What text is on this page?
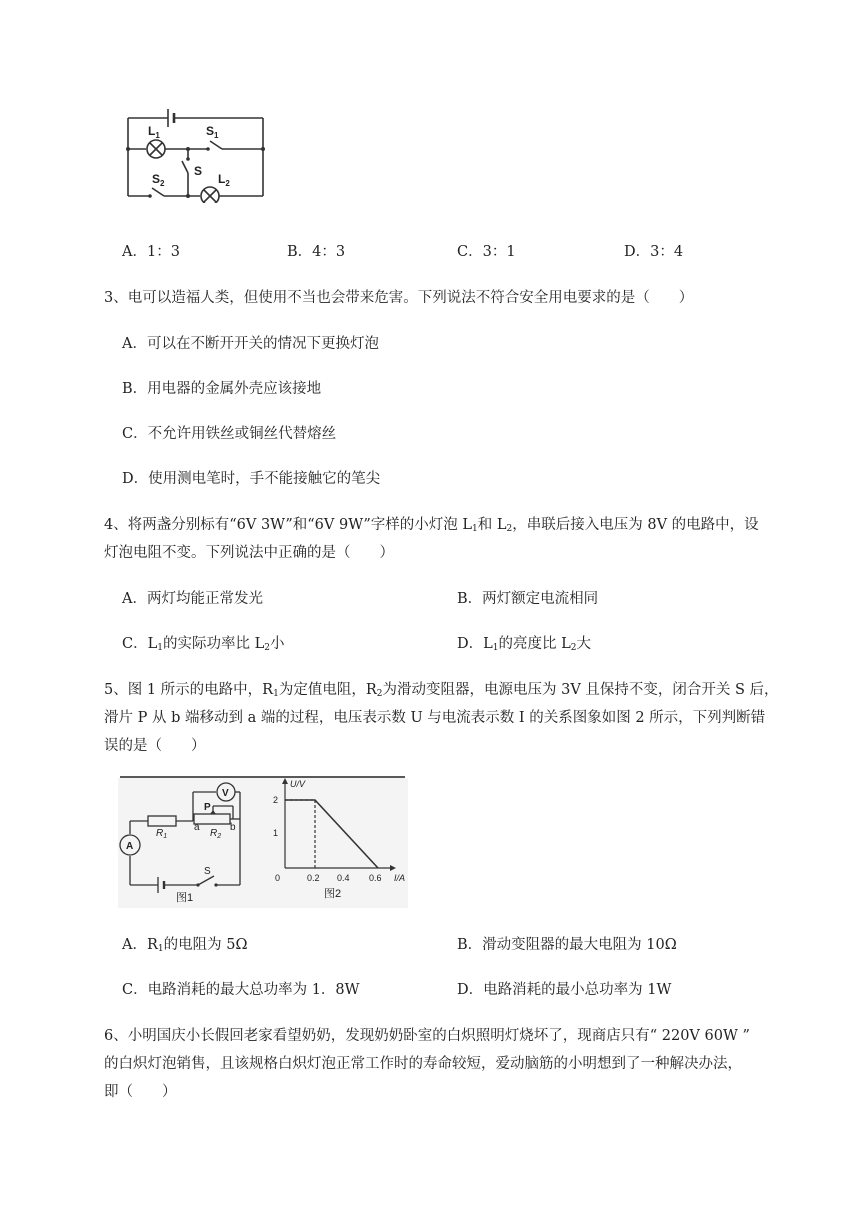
$L_1$	$S_1$
S
$S_2$	$L_2$
A．1：3	B．4：3	C．3：1	D．3：4
3、电可以造福人类，但使用不当也会带来危害。下列说法不符合安全用电要求的是（　　）
A．可以在不断开开关的情况下更换灯泡
B．用电器的金属外壳应该接地
C．不允许用铁丝或铜丝代替熔丝
D．使用测电笔时，手不能接触它的笔尖
4、将两盏分别标有“6V 3W”和“6V 9W”字样的小灯泡 $L_1$和 $L_2$，串联后接入电压为 8V 的电路中，设
灯泡电阻不变。下列说法中正确的是（　　）
A．两灯均能正常发光	B．两灯额定电流相同
C．$L_1$的实际功率比 $L_2$小	D．$L_1$的亮度比 $L_2$大
5、图 1 所示的电路中，$R_1$为定值电阻，$R_2$为滑动变阻器，电源电压为 3V 且保持不变，闭合开关 S 后，
滑片 P 从 b 端移动到 a 端的过程，电压表示数 U 与电流表示数 I 的关系图象如图 2 所示，下列判断错
误的是（　　）
V
A
P
$R_1$	$R_2$
a	b
S
图1
U/V
I/A
0
2
1
0.2 0.4 0.6
图2
A．$R_1$的电阻为 5Ω	B．滑动变阻器的最大电阻为 10Ω
C．电路消耗的最大总功率为 1．8W	D．电路消耗的最小总功率为 1W
6、小明国庆小长假回老家看望奶奶，发现奶奶卧室的白炽照明灯烧坏了，现商店只有“ 220V 60W ”
的白炽灯泡销售，且该规格白炽灯泡正常工作时的寿命较短，爱动脑筋的小明想到了一种解决办法，
即（　　）
